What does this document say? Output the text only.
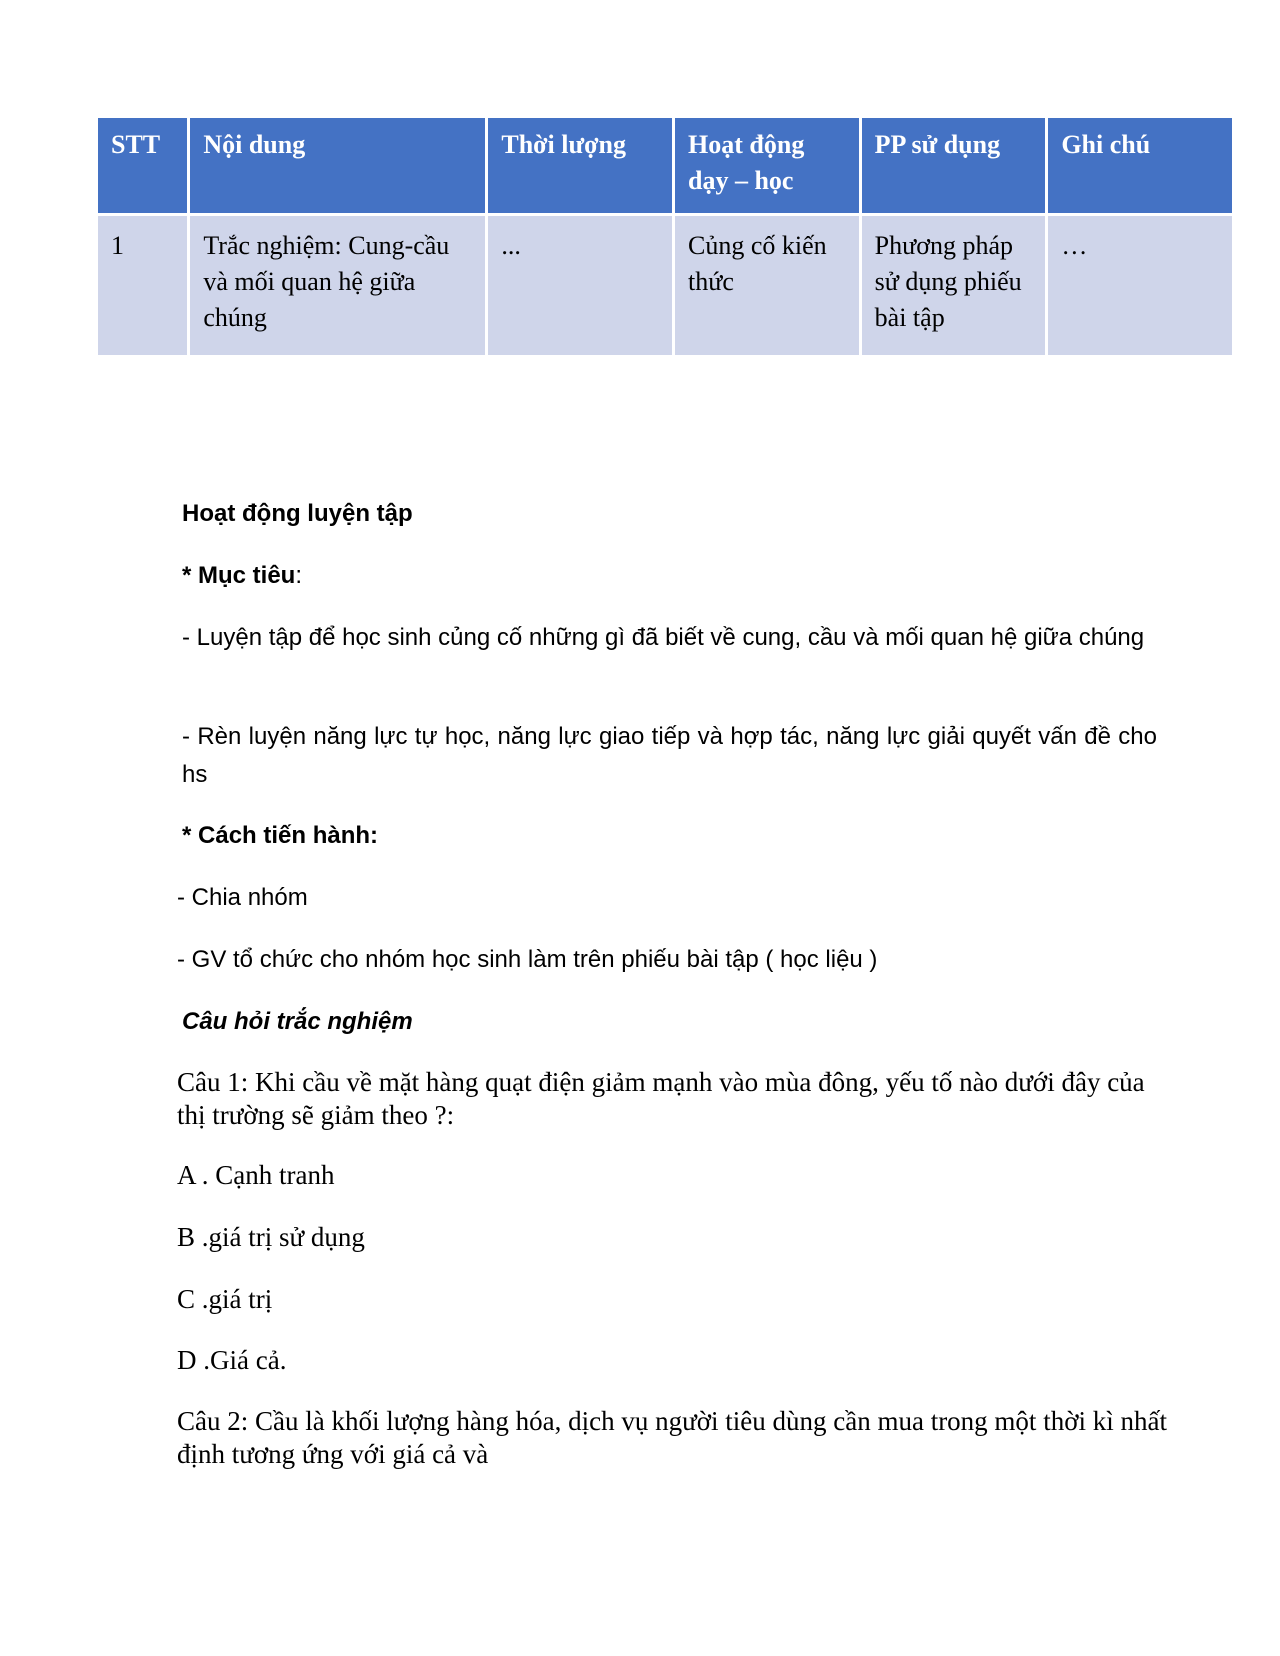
STT	Nội dung	Thời lượng	Hoạt động dạy – học	PP sử dụng	Ghi chú
1	Trắc nghiệm: Cung-cầu và mối quan hệ giữa chúng	...	Củng cố kiến thức	Phương pháp sử dụng phiếu bài tập	…

Hoạt động luyện tập

* Mục tiêu:

- Luyện tập để học sinh củng cố những gì đã biết về cung, cầu và mối quan hệ giữa chúng

- Rèn luyện năng lực tự học, năng lực giao tiếp và hợp tác, năng lực giải quyết vấn đề cho hs

* Cách tiến hành:

- Chia nhóm

- GV tổ chức cho nhóm học sinh làm trên phiếu bài tập ( học liệu )

Câu hỏi trắc nghiệm

Câu 1: Khi cầu về mặt hàng quạt điện giảm mạnh vào mùa đông, yếu tố nào dưới đây của thị trường sẽ giảm theo ?:

A . Cạnh tranh

B .giá trị sử dụng

C .giá trị

D .Giá cả.

Câu 2: Cầu là khối lượng hàng hóa, dịch vụ người tiêu dùng cần mua trong một thời kì nhất định tương ứng với giá cả và
